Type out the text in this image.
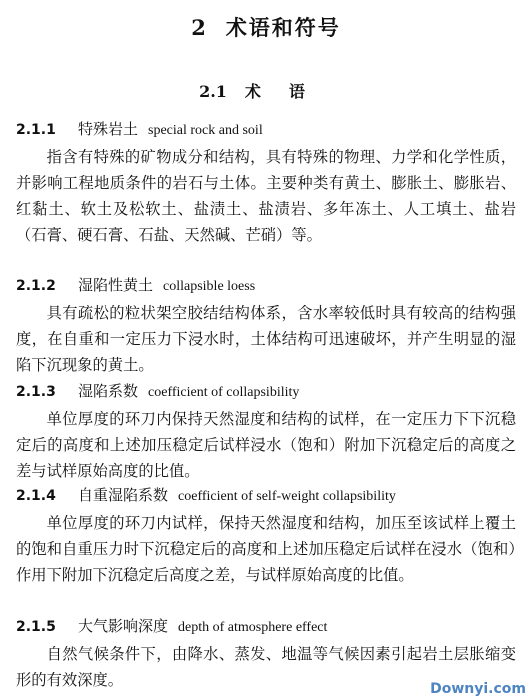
2 术语和符号
2.1 术语
2.1.1 特殊岩土 special rock and soil

指含有特殊的矿物成分和结构，具有特殊的物理、力学和化学性质，并影响工程地质条件的岩石与土体。主要种类有黄土、膨胀土、膨胀岩、红黏土、软土及松软土、盐渍土、盐渍岩、多年冻土、人工填土、盐岩（石膏、硬石膏、石盐、天然碱、芒硝）等。

2.1.2 湿陷性黄土 collapsible loess

具有疏松的粒状架空胶结结构体系，含水率较低时具有较高的结构强度，在自重和一定压力下浸水时，土体结构可迅速破坏，并产生明显的湿陷下沉现象的黄土。

2.1.3 湿陷系数 coefficient of collapsibility

单位厚度的环刀内保持天然湿度和结构的试样，在一定压力下下沉稳定后的高度和上述加压稳定后试样浸水（饱和）附加下沉稳定后的高度之差与试样原始高度的比值。

2.1.4 自重湿陷系数 coefficient of self-weight collapsibility

单位厚度的环刀内试样，保持天然湿度和结构，加压至该试样上覆土的饱和自重压力时下沉稳定后的高度和上述加压稳定后试样在浸水（饱和）作用下附加下沉稳定后高度之差，与试样原始高度的比值。

2.1.5 大气影响深度 depth of atmosphere effect

自然气候条件下，由降水、蒸发、地温等气候因素引起岩土层胀缩变形的有效深度。	Downyi.com
